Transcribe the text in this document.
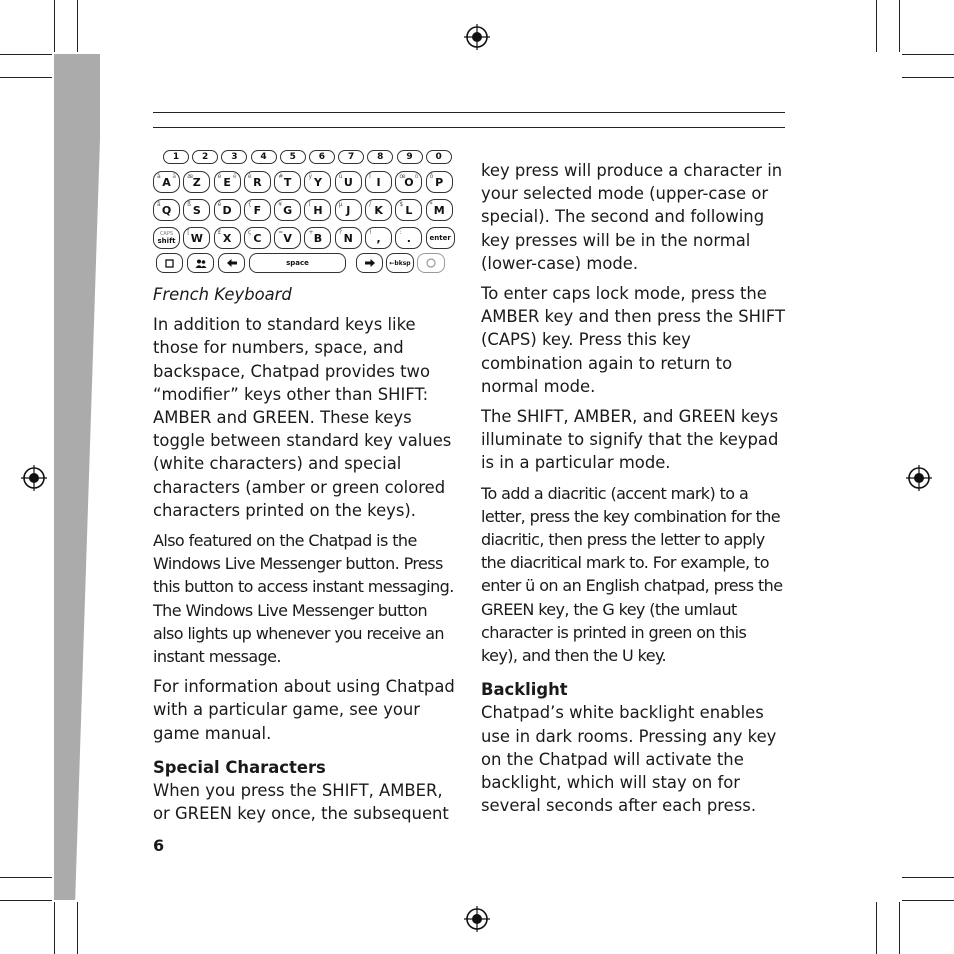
english
1	2	3	4	5	6	7	8	9	0
A
à ä Z
æ	E
é ë R
è	T
#	Y
ÿ	U
ù	I
î	O
œ ö P
ô
Q
â	S
ß	D
ê	F
{	G
¥	H
(	J
µ	K
/	L
$	M
*
CAPS
shift W
[	X
£	C
ç	V
=	B
+	N
?	,
!	.
:
enter
space	←bksp

French Keyboard

In addition to standard keys like those for numbers, space, and backspace, Chatpad provides two “modifier” keys other than SHIFT: AMBER and GREEN. These keys toggle between standard key values (white characters) and special characters (amber or green colored characters printed on the keys).

Also featured on the Chatpad is the Windows Live Messenger button. Press this button to access instant messaging. The Windows Live Messenger button also lights up whenever you receive an instant message.

For information about using Chatpad with a particular game, see your game manual.

Special Characters

When you press the SHIFT, AMBER, or GREEN key once, the subsequent

key press will produce a character in your selected mode (upper-case or special). The second and following key presses will be in the normal (lower-case) mode.

To enter caps lock mode, press the AMBER key and then press the SHIFT (CAPS) key. Press this key combination again to return to normal mode.

The SHIFT, AMBER, and GREEN keys illuminate to signify that the keypad is in a particular mode.

To add a diacritic (accent mark) to a letter, press the key combination for the diacritic, then press the letter to apply the diacritical mark to. For example, to enter ü on an English chatpad, press the GREEN key, the G key (the umlaut character is printed in green on this key), and then the U key.

Backlight

Chatpad’s white backlight enables use in dark rooms. Pressing any key on the Chatpad will activate the backlight, which will stay on for several seconds after each press.

6
